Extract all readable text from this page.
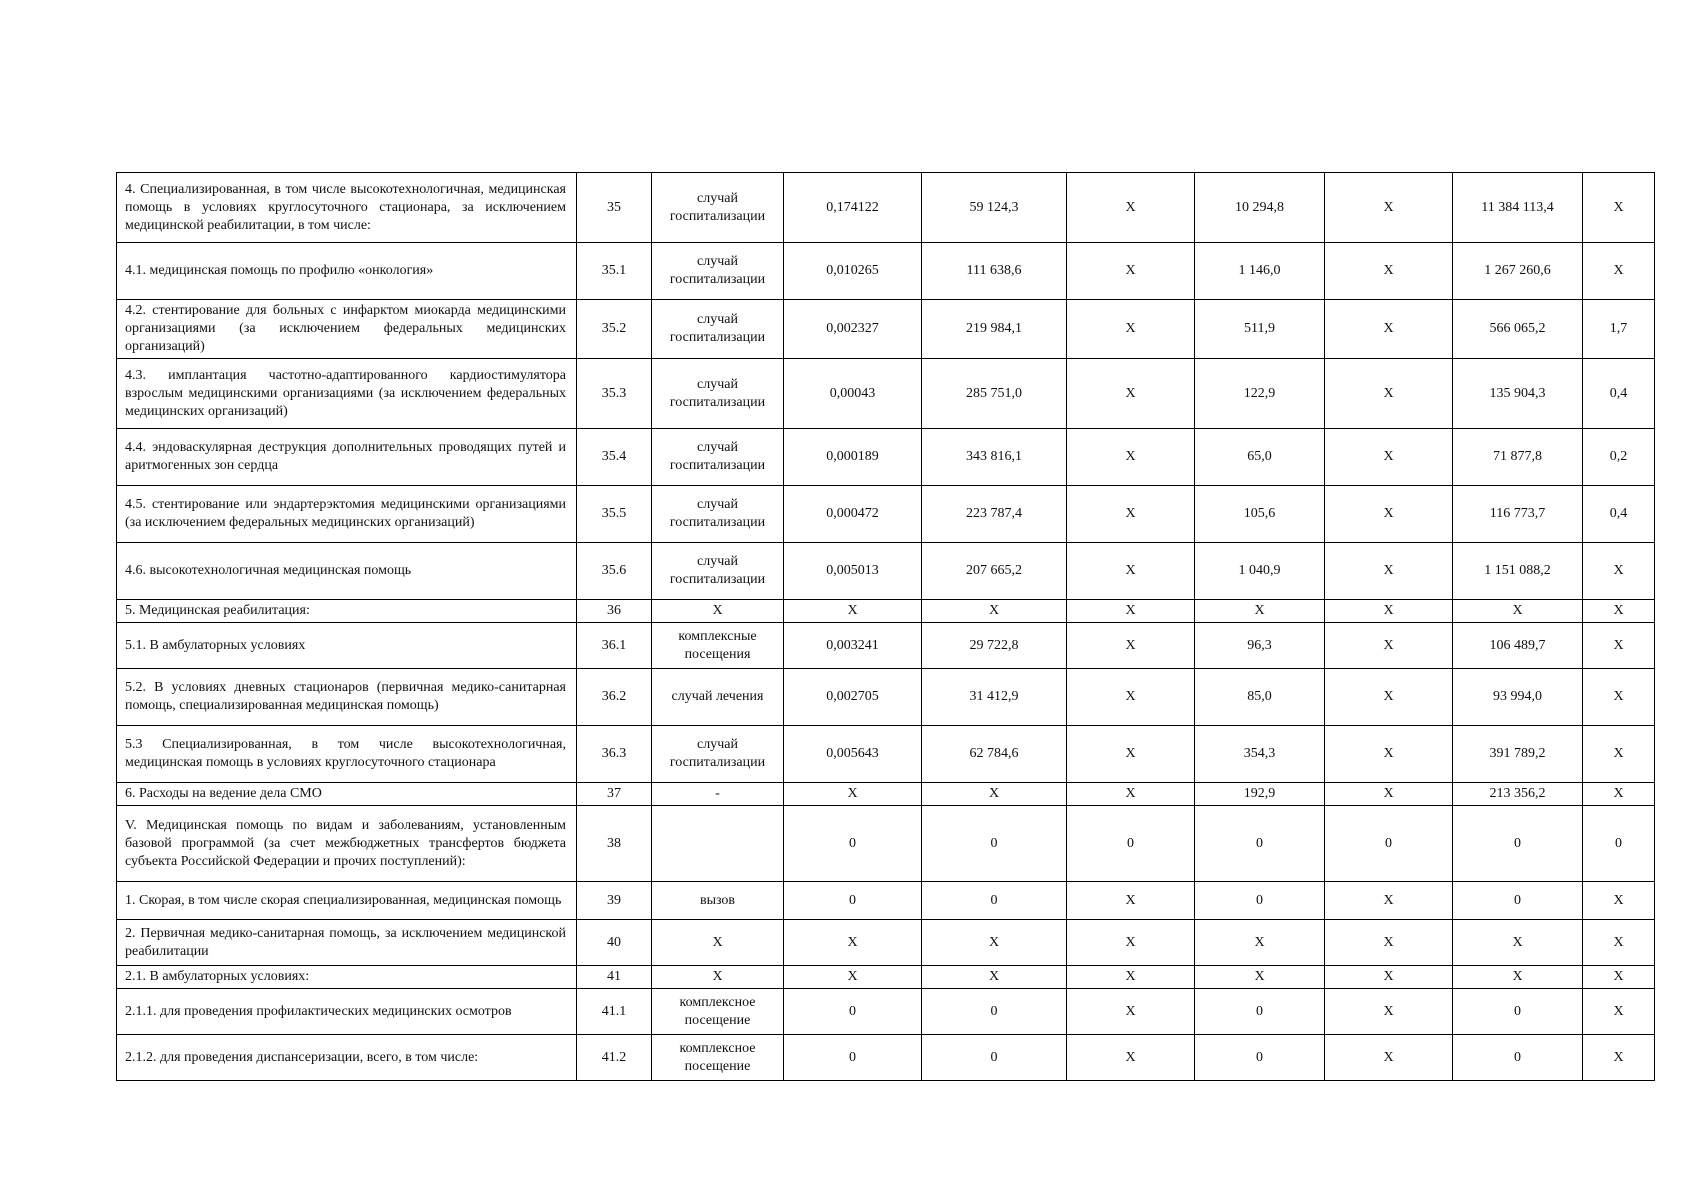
4. Специализированная, в том числе высокотехнологичная, медицинская помощь в условиях круглосуточного стационара, за исключением медицинской реабилитации, в том числе:	35	случай госпитализации	0,174122	59 124,3	X	10 294,8	X	11 384 113,4	X
4.1. медицинская помощь по профилю «онкология»	35.1	случай госпитализации	0,010265	111 638,6	X	1 146,0	X	1 267 260,6	X
4.2. стентирование для больных с инфарктом миокарда медицинскими организациями (за исключением федеральных медицинских организаций)	35.2	случай госпитализации	0,002327	219 984,1	X	511,9	X	566 065,2	1,7
4.3. имплантация частотно-адаптированного кардиостимулятора взрослым медицинскими организациями (за исключением федеральных медицинских организаций)	35.3	случай госпитализации	0,00043	285 751,0	X	122,9	X	135 904,3	0,4
4.4. эндоваскулярная деструкция дополнительных проводящих путей и аритмогенных зон сердца	35.4	случай госпитализации	0,000189	343 816,1	X	65,0	X	71 877,8	0,2
4.5. стентирование или эндартерэктомия медицинскими организациями (за исключением федеральных медицинских организаций)	35.5	случай госпитализации	0,000472	223 787,4	X	105,6	X	116 773,7	0,4
4.6. высокотехнологичная медицинская помощь	35.6	случай госпитализации	0,005013	207 665,2	X	1 040,9	X	1 151 088,2	X
5. Медицинская реабилитация:	36	X	X	X	X	X	X	X	X
5.1. В амбулаторных условиях	36.1	комплексные посещения	0,003241	29 722,8	X	96,3	X	106 489,7	X
5.2. В условиях дневных стационаров (первичная медико-санитарная помощь, специализированная медицинская помощь)	36.2	случай лечения	0,002705	31 412,9	X	85,0	X	93 994,0	X
5.3 Специализированная, в том числе высокотехнологичная, медицинская помощь в условиях круглосуточного стационара	36.3	случай госпитализации	0,005643	62 784,6	X	354,3	X	391 789,2	X
6. Расходы на ведение дела СМО	37	-	X	X	X	192,9	X	213 356,2	X
V. Медицинская помощь по видам и заболеваниям, установленным базовой программой (за счет межбюджетных трансфертов бюджета субъекта Российской Федерации и прочих поступлений):	38		0	0	0	0	0	0	0
1. Скорая, в том числе скорая специализированная, медицинская помощь	39	вызов	0	0	X	0	X	0	X
2. Первичная медико-санитарная помощь, за исключением медицинской реабилитации	40	X	X	X	X	X	X	X	X
2.1. В амбулаторных условиях:	41	X	X	X	X	X	X	X	X
2.1.1. для проведения профилактических медицинских осмотров	41.1	комплексное посещение	0	0	X	0	X	0	X
2.1.2. для проведения диспансеризации, всего, в том числе:	41.2	комплексное посещение	0	0	X	0	X	0	X
